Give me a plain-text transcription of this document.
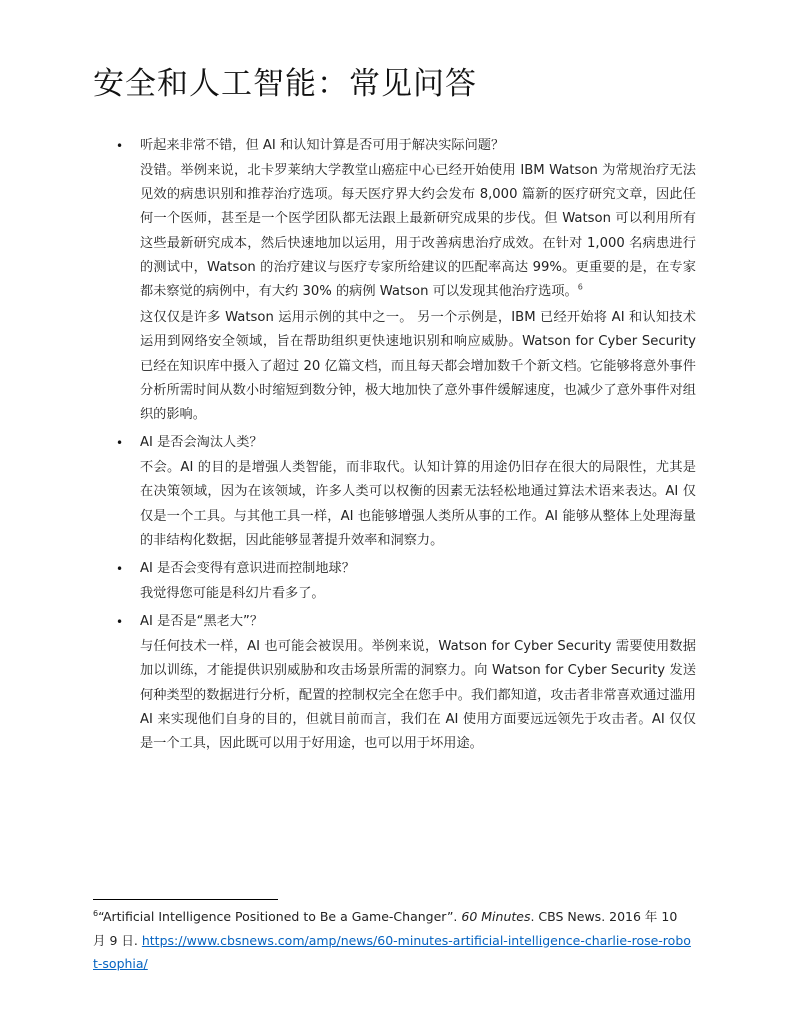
安全和人工智能：常见问答
• 听起来非常不错，但 AI 和认知计算是否可用于解决实际问题？

没错。举例来说，北卡罗莱纳大学教堂山癌症中心已经开始使用 IBM Watson 为常规治疗无法见效的病患识别和推荐治疗选项。每天医疗界大约会发布 8,000 篇新的医疗研究文章，因此任何一个医师，甚至是一个医学团队都无法跟上最新研究成果的步伐。但 Watson 可以利用所有这些最新研究成本，然后快速地加以运用，用于改善病患治疗成效。在针对 1,000 名病患进行的测试中，Watson 的治疗建议与医疗专家所给建议的匹配率高达 99%。更重要的是，在专家都未察觉的病例中，有大约 30% 的病例 Watson 可以发现其他治疗选项。$^6$

这仅仅是许多 Watson 运用示例的其中之一。 另一个示例是，IBM 已经开始将 AI 和认知技术运用到网络安全领域，旨在帮助组织更快速地识别和响应威胁。Watson for Cyber Security 已经在知识库中摄入了超过 20 亿篇文档，而且每天都会增加数千个新文档。它能够将意外事件分析所需时间从数小时缩短到数分钟，极大地加快了意外事件缓解速度，也减少了意外事件对组织的影响。

• AI 是否会淘汰人类？

不会。AI 的目的是增强人类智能，而非取代。认知计算的用途仍旧存在很大的局限性，尤其是在决策领域，因为在该领域，许多人类可以权衡的因素无法轻松地通过算法术语来表达。AI 仅仅是一个工具。与其他工具一样，AI 也能够增强人类所从事的工作。AI 能够从整体上处理海量的非结构化数据，因此能够显著提升效率和洞察力。

• AI 是否会变得有意识进而控制地球？

我觉得您可能是科幻片看多了。

• AI 是否是“黑老大”？

与任何技术一样，AI 也可能会被误用。举例来说，Watson for Cyber Security 需要使用数据加以训练，才能提供识别威胁和攻击场景所需的洞察力。向 Watson for Cyber Security 发送何种类型的数据进行分析，配置的控制权完全在您手中。我们都知道，攻击者非常喜欢通过滥用 AI 来实现他们自身的目的，但就目前而言，我们在 AI 使用方面要远远领先于攻击者。AI 仅仅是一个工具，因此既可以用于好用途，也可以用于坏用途。

$^6$“Artificial Intelligence Positioned to Be a Game-Changer”. 60 Minutes. CBS News. 2016 年 10 月 9 日. https://www.cbsnews.com/amp/news/60-minutes-artificial-intelligence-charlie-rose-robot-sophia/
